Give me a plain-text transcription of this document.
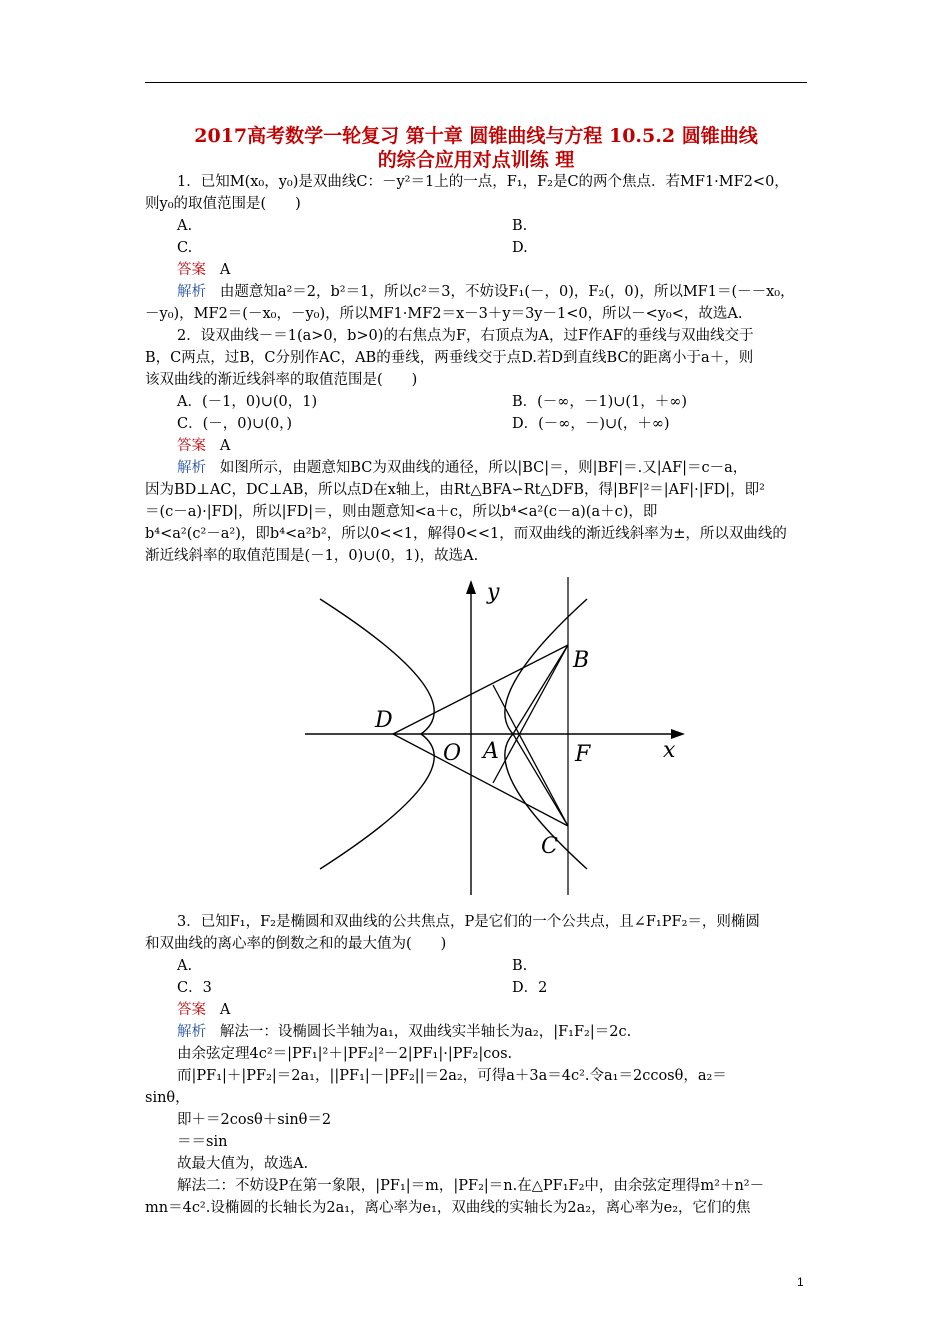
2017高考数学一轮复习 第十章 圆锥曲线与方程 10.5.2 圆锥曲线
的综合应用对点训练 理
1．已知M(x₀，y₀)是双曲线C：－y²＝1上的一点，F₁，F₂是C的两个焦点．若MF1·MF2<0，
则y₀的取值范围是(　　)
A.	B.
C.	D.
答案 A
解析 由题意知a²＝2，b²＝1，所以c²＝3，不妨设F₁(－，0)，F₂(，0)，所以MF1＝(－－x₀，
－y₀)，MF2＝(－x₀，－y₀)，所以MF1·MF2＝x－3＋y＝3y－1<0，所以－<y₀<，故选A.
2．设双曲线－＝1(a>0，b>0)的右焦点为F，右顶点为A，过F作AF的垂线与双曲线交于
B，C两点，过B，C分别作AC，AB的垂线，两垂线交于点D.若D到直线BC的距离小于a＋，则
该双曲线的渐近线斜率的取值范围是(　　)
A．(－1，0)∪(0，1)	B．(－∞，－1)∪(1，＋∞)
C．(－，0)∪(0，)	D．(－∞，－)∪(，＋∞)
答案 A
解析 如图所示，由题意知BC为双曲线的通径，所以|BC|＝，则|BF|＝.又|AF|＝c－a，
因为BD⊥AC，DC⊥AB，所以点D在x轴上，由Rt△BFA∽Rt△DFB，得|BF|²＝|AF|·|FD|，即²
＝(c－a)·|FD|，所以|FD|＝，则由题意知<a＋c，所以b⁴<a²(c－a)(a＋c)，即
b⁴<a²(c²－a²)，即b⁴<a²b²，所以0<<1，解得0<<1，而双曲线的渐近线斜率为±，所以双曲线的
渐近线斜率的取值范围是(－1，0)∪(0，1)，故选A.
y
x
B
C
D
O A	F
3．已知F₁，F₂是椭圆和双曲线的公共焦点，P是它们的一个公共点，且∠F₁PF₂＝，则椭圆
和双曲线的离心率的倒数之和的最大值为(　　)
A.	B.
C．3	D．2
答案 A
解析 解法一：设椭圆长半轴为a₁，双曲线实半轴长为a₂，|F₁F₂|＝2c.
由余弦定理4c²＝|PF₁|²＋|PF₂|²－2|PF₁|·|PF₂|cos.
而|PF₁|＋|PF₂|＝2a₁，||PF₁|－|PF₂||＝2a₂，可得a＋3a＝4c².令a₁＝2ccosθ，a₂＝
sinθ，
即＋＝2cosθ＋sinθ＝2
＝＝sin
故最大值为，故选A.
解法二：不妨设P在第一象限，|PF₁|＝m，|PF₂|＝n.在△PF₁F₂中，由余弦定理得m²＋n²－
mn＝4c².设椭圆的长轴长为2a₁，离心率为e₁，双曲线的实轴长为2a₂，离心率为e₂，它们的焦
1
